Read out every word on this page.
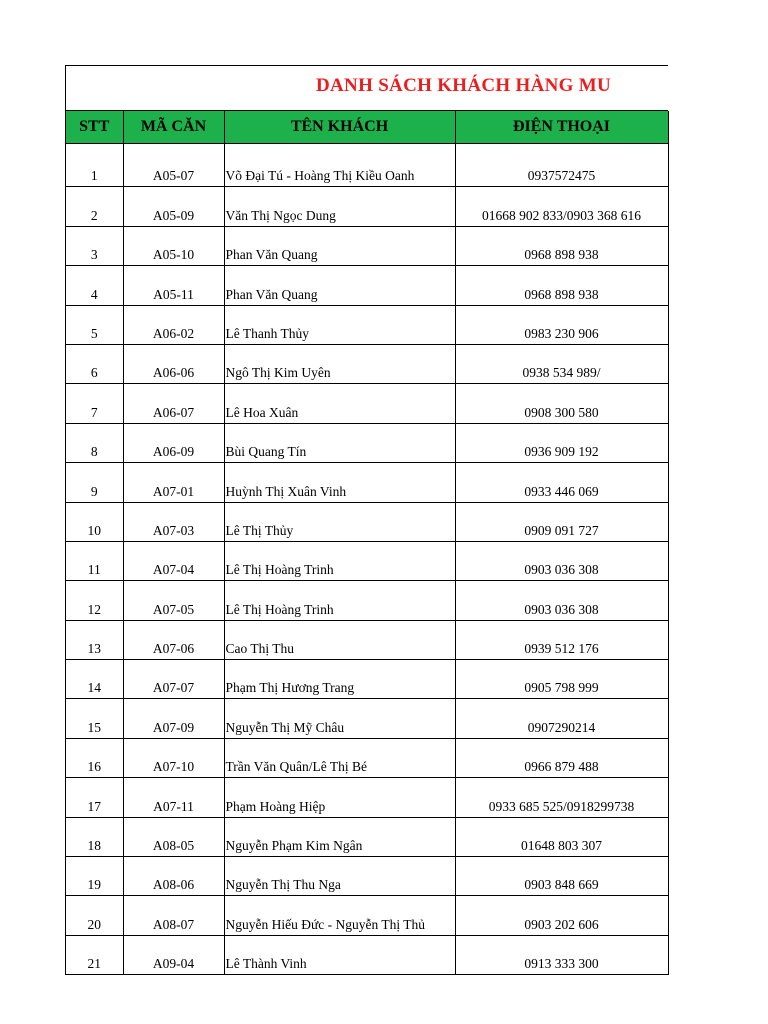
DANH SÁCH KHÁCH HÀNG MU
STT	MÃ CĂN	TÊN KHÁCH	ĐIỆN THOẠI

1	A05-07	Võ Đại Tú - Hoàng Thị Kiều Oanh	0937572475
2	A05-09	Văn Thị Ngọc Dung	01668 902 833/0903 368 616
3	A05-10	Phan Văn Quang	0968 898 938
4	A05-11	Phan Văn Quang	0968 898 938
5	A06-02	Lê Thanh Thủy	0983 230 906
6	A06-06	Ngô Thị Kim Uyên	0938 534 989/
7	A06-07	Lê Hoa Xuân	0908 300 580
8	A06-09	Bùi Quang Tín	0936 909 192
9	A07-01	Huỳnh Thị Xuân Vinh	0933 446 069
10	A07-03	Lê Thị Thủy	0909 091 727
11	A07-04	Lê Thị Hoàng Trinh	0903 036 308
12	A07-05	Lê Thị Hoàng Trinh	0903 036 308
13	A07-06	Cao Thị Thu	0939 512 176
14	A07-07	Phạm Thị Hương Trang	0905 798 999
15	A07-09	Nguyễn Thị Mỹ Châu	0907290214
16	A07-10	Trần Văn Quân/Lê Thị Bé	0966 879 488
17	A07-11	Phạm Hoàng Hiệp	0933 685 525/0918299738
18	A08-05	Nguyễn Phạm Kim Ngân	01648 803 307
19	A08-06	Nguyễn Thị Thu Nga	0903 848 669
20	A08-07	Nguyễn Hiếu Đức - Nguyễn Thị Thủ	0903 202 606
21	A09-04	Lê Thành Vinh	0913 333 300
